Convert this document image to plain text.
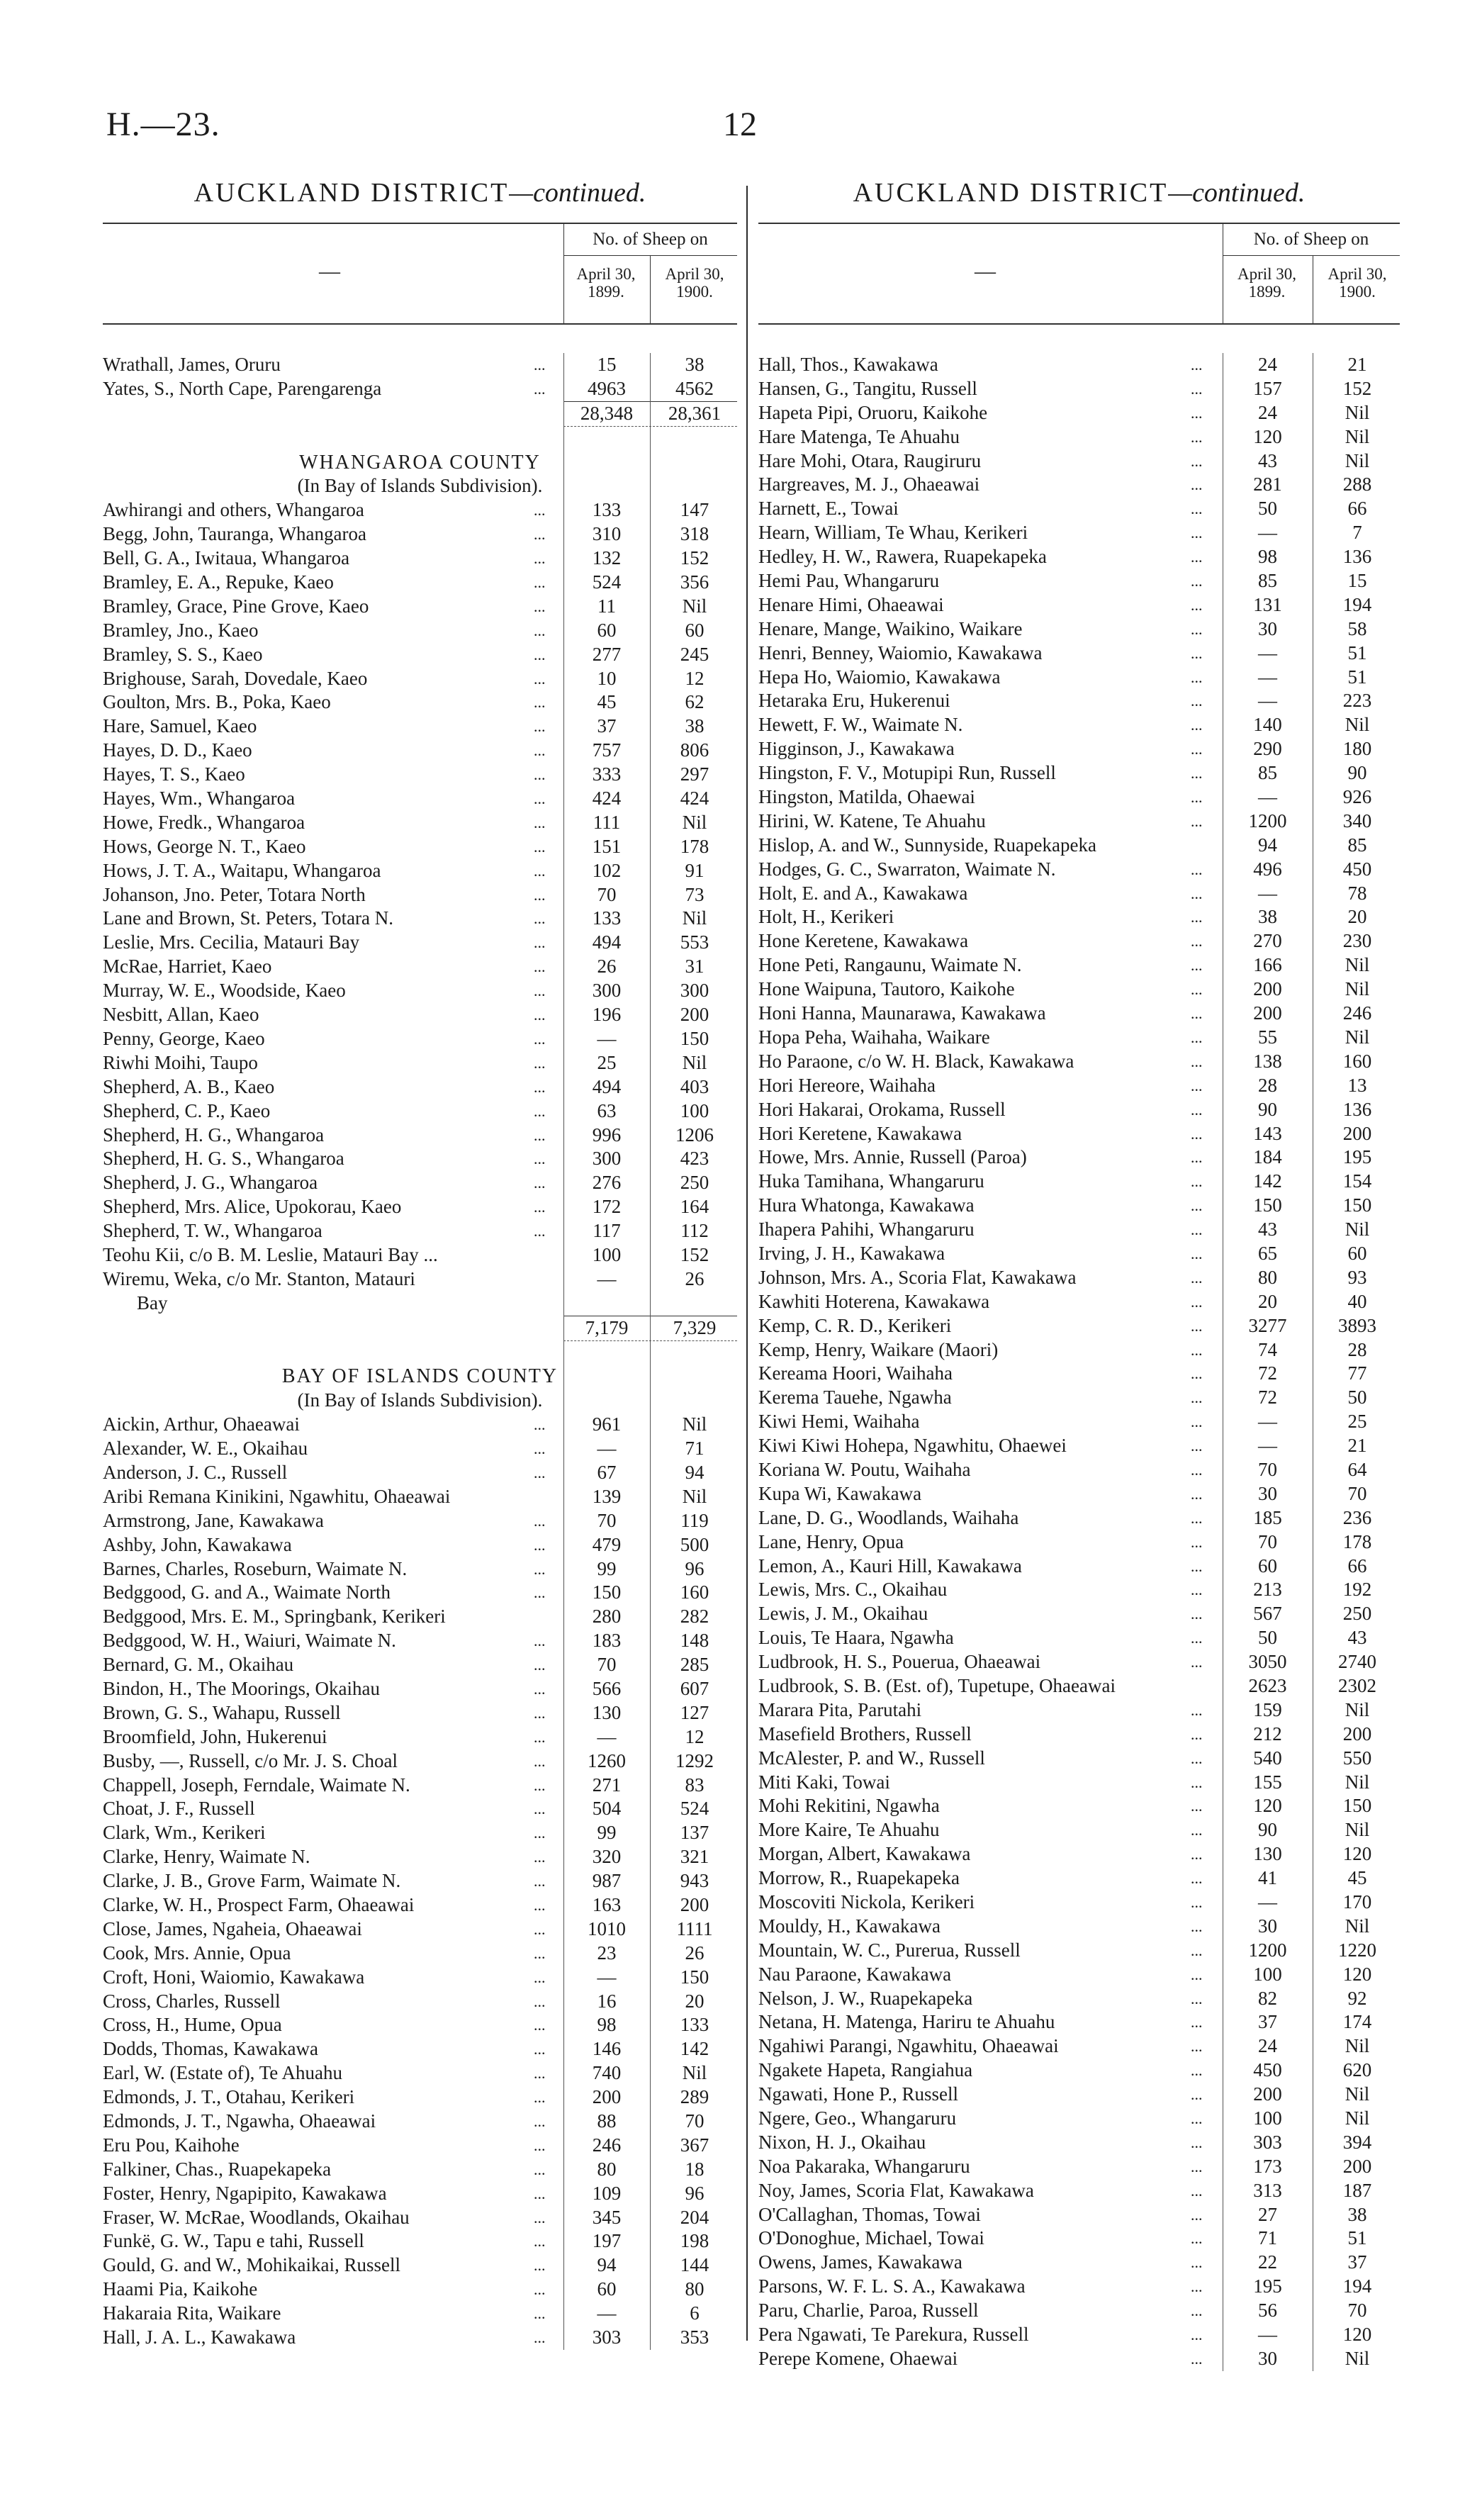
H.—23.	12
AUCKLAND DISTRICT—continued.
—
No. of Sheep on
April 30, 1899.
April 30, 1900.
Wrathall, James, Oruru	...	15	38
Yates, S., North Cape, Parengarenga	...	4963	4562
28,348	28,361
WHANGAROA COUNTY
(In Bay of Islands Subdivision).
Awhirangi and others, Whangaroa	...	133	147
Begg, John, Tauranga, Whangaroa	...	310	318
Bell, G. A., Iwitaua, Whangaroa	...	132	152
Bramley, E. A., Repuke, Kaeo	...	524	356
Bramley, Grace, Pine Grove, Kaeo	...	11	Nil
Bramley, Jno., Kaeo	...	60	60
Bramley, S. S., Kaeo	...	277	245
Brighouse, Sarah, Dovedale, Kaeo	...	10	12
Goulton, Mrs. B., Poka, Kaeo	...	45	62
Hare, Samuel, Kaeo	...	37	38
Hayes, D. D., Kaeo	...	757	806
Hayes, T. S., Kaeo	...	333	297
Hayes, Wm., Whangaroa	...	424	424
Howe, Fredk., Whangaroa	...	111	Nil
Hows, George N. T., Kaeo	...	151	178
Hows, J. T. A., Waitapu, Whangaroa	...	102	91
Johanson, Jno. Peter, Totara North	...	70	73
Lane and Brown, St. Peters, Totara N.	...	133	Nil
Leslie, Mrs. Cecilia, Matauri Bay	...	494	553
McRae, Harriet, Kaeo	...	26	31
Murray, W. E., Woodside, Kaeo	...	300	300
Nesbitt, Allan, Kaeo	...	196	200
Penny, George, Kaeo	...	—	150
Riwhi Moihi, Taupo	...	25	Nil
Shepherd, A. B., Kaeo	...	494	403
Shepherd, C. P., Kaeo	...	63	100
Shepherd, H. G., Whangaroa	...	996	1206
Shepherd, H. G. S., Whangaroa	...	300	423
Shepherd, J. G., Whangaroa	...	276	250
Shepherd, Mrs. Alice, Upokorau, Kaeo	...	172	164
Shepherd, T. W., Whangaroa	...	117	112
Teohu Kii, c/o B. M. Leslie, Matauri Bay ...	100	152
Wiremu, Weka, c/o Mr. Stanton, Matauri	—	26
Bay
7,179	7,329
BAY OF ISLANDS COUNTY
(In Bay of Islands Subdivision).
Aickin, Arthur, Ohaeawai	...	961	Nil
Alexander, W. E., Okaihau	...	—	71
Anderson, J. C., Russell	...	67	94
Aribi Remana Kinikini, Ngawhitu, Ohaeawai	139	Nil
Armstrong, Jane, Kawakawa	...	70	119
Ashby, John, Kawakawa	...	479	500
Barnes, Charles, Roseburn, Waimate N.	...	99	96
Bedggood, G. and A., Waimate North	...	150	160
Bedggood, Mrs. E. M., Springbank, Kerikeri	280	282
Bedggood, W. H., Waiuri, Waimate N.	...	183	148
Bernard, G. M., Okaihau	...	70	285
Bindon, H., The Moorings, Okaihau	...	566	607
Brown, G. S., Wahapu, Russell	...	130	127
Broomfield, John, Hukerenui	...	—	12
Busby, —, Russell, c/o Mr. J. S. Choal	...	1260	1292
Chappell, Joseph, Ferndale, Waimate N.	...	271	83
Choat, J. F., Russell	...	504	524
Clark, Wm., Kerikeri	...	99	137
Clarke, Henry, Waimate N.	...	320	321
Clarke, J. B., Grove Farm, Waimate N.	...	987	943
Clarke, W. H., Prospect Farm, Ohaeawai	...	163	200
Close, James, Ngaheia, Ohaeawai	...	1010	1111
Cook, Mrs. Annie, Opua	...	23	26
Croft, Honi, Waiomio, Kawakawa	...	—	150
Cross, Charles, Russell	...	16	20
Cross, H., Hume, Opua	...	98	133
Dodds, Thomas, Kawakawa	...	146	142
Earl, W. (Estate of), Te Ahuahu	...	740	Nil
Edmonds, J. T., Otahau, Kerikeri	...	200	289
Edmonds, J. T., Ngawha, Ohaeawai	...	88	70
Eru Pou, Kaihohe	...	246	367
Falkiner, Chas., Ruapekapeka	...	80	18
Foster, Henry, Ngapipito, Kawakawa	...	109	96
Fraser, W. McRae, Woodlands, Okaihau	...	345	204
Funkë, G. W., Tapu e tahi, Russell	...	197	198
Gould, G. and W., Mohikaikai, Russell	...	94	144
Haami Pia, Kaikohe	...	60	80
Hakaraia Rita, Waikare	...	—	6
Hall, J. A. L., Kawakawa	...	303	353
AUCKLAND DISTRICT—continued.
—
No. of Sheep on
April 30, 1899.
April 30, 1900.
Hall, Thos., Kawakawa	...	24	21
Hansen, G., Tangitu, Russell	...	157	152
Hapeta Pipi, Oruoru, Kaikohe	...	24	Nil
Hare Matenga, Te Ahuahu	...	120	Nil
Hare Mohi, Otara, Raugiruru	...	43	Nil
Hargreaves, M. J., Ohaeawai	...	281	288
Harnett, E., Towai	...	50	66
Hearn, William, Te Whau, Kerikeri	...	—	7
Hedley, H. W., Rawera, Ruapekapeka	...	98	136
Hemi Pau, Whangaruru	...	85	15
Henare Himi, Ohaeawai	...	131	194
Henare, Mange, Waikino, Waikare	...	30	58
Henri, Benney, Waiomio, Kawakawa	...	—	51
Hepa Ho, Waiomio, Kawakawa	...	—	51
Hetaraka Eru, Hukerenui	...	—	223
Hewett, F. W., Waimate N.	...	140	Nil
Higginson, J., Kawakawa	...	290	180
Hingston, F. V., Motupipi Run, Russell	...	85	90
Hingston, Matilda, Ohaewai	...	—	926
Hirini, W. Katene, Te Ahuahu	...	1200	340
Hislop, A. and W., Sunnyside, Ruapekapeka	94	85
Hodges, G. C., Swarraton, Waimate N.	...	496	450
Holt, E. and A., Kawakawa	...	—	78
Holt, H., Kerikeri	...	38	20
Hone Keretene, Kawakawa	...	270	230
Hone Peti, Rangaunu, Waimate N.	...	166	Nil
Hone Waipuna, Tautoro, Kaikohe	...	200	Nil
Honi Hanna, Maunarawa, Kawakawa	...	200	246
Hopa Peha, Waihaha, Waikare	...	55	Nil
Ho Paraone, c/o W. H. Black, Kawakawa	...	138	160
Hori Hereore, Waihaha	...	28	13
Hori Hakarai, Orokama, Russell	...	90	136
Hori Keretene, Kawakawa	...	143	200
Howe, Mrs. Annie, Russell (Paroa)	...	184	195
Huka Tamihana, Whangaruru	...	142	154
Hura Whatonga, Kawakawa	...	150	150
Ihapera Pahihi, Whangaruru	...	43	Nil
Irving, J. H., Kawakawa	...	65	60
Johnson, Mrs. A., Scoria Flat, Kawakawa	...	80	93
Kawhiti Hoterena, Kawakawa	...	20	40
Kemp, C. R. D., Kerikeri	...	3277	3893
Kemp, Henry, Waikare (Maori)	...	74	28
Kereama Hoori, Waihaha	...	72	77
Kerema Tauehe, Ngawha	...	72	50
Kiwi Hemi, Waihaha	...	—	25
Kiwi Kiwi Hohepa, Ngawhitu, Ohaewei	...	—	21
Koriana W. Poutu, Waihaha	...	70	64
Kupa Wi, Kawakawa	...	30	70
Lane, D. G., Woodlands, Waihaha	...	185	236
Lane, Henry, Opua	...	70	178
Lemon, A., Kauri Hill, Kawakawa	...	60	66
Lewis, Mrs. C., Okaihau	...	213	192
Lewis, J. M., Okaihau	...	567	250
Louis, Te Haara, Ngawha	...	50	43
Ludbrook, H. S., Pouerua, Ohaeawai	...	3050	2740
Ludbrook, S. B. (Est. of), Tupetupe, Ohaeawai	2623	2302
Marara Pita, Parutahi	...	159	Nil
Masefield Brothers, Russell	...	212	200
McAlester, P. and W., Russell	...	540	550
Miti Kaki, Towai	...	155	Nil
Mohi Rekitini, Ngawha	...	120	150
More Kaire, Te Ahuahu	...	90	Nil
Morgan, Albert, Kawakawa	...	130	120
Morrow, R., Ruapekapeka	...	41	45
Moscoviti Nickola, Kerikeri	...	—	170
Mouldy, H., Kawakawa	...	30	Nil
Mountain, W. C., Purerua, Russell	...	1200	1220
Nau Paraone, Kawakawa	...	100	120
Nelson, J. W., Ruapekapeka	...	82	92
Netana, H. Matenga, Hariru te Ahuahu	...	37	174
Ngahiwi Parangi, Ngawhitu, Ohaeawai	...	24	Nil
Ngakete Hapeta, Rangiahua	...	450	620
Ngawati, Hone P., Russell	...	200	Nil
Ngere, Geo., Whangaruru	...	100	Nil
Nixon, H. J., Okaihau	...	303	394
Noa Pakaraka, Whangaruru	...	173	200
Noy, James, Scoria Flat, Kawakawa	...	313	187
O'Callaghan, Thomas, Towai	...	27	38
O'Donoghue, Michael, Towai	...	71	51
Owens, James, Kawakawa	...	22	37
Parsons, W. F. L. S. A., Kawakawa	...	195	194
Paru, Charlie, Paroa, Russell	...	56	70
Pera Ngawati, Te Parekura, Russell	...	—	120
Perepe Komene, Ohaewai	...	30	Nil
